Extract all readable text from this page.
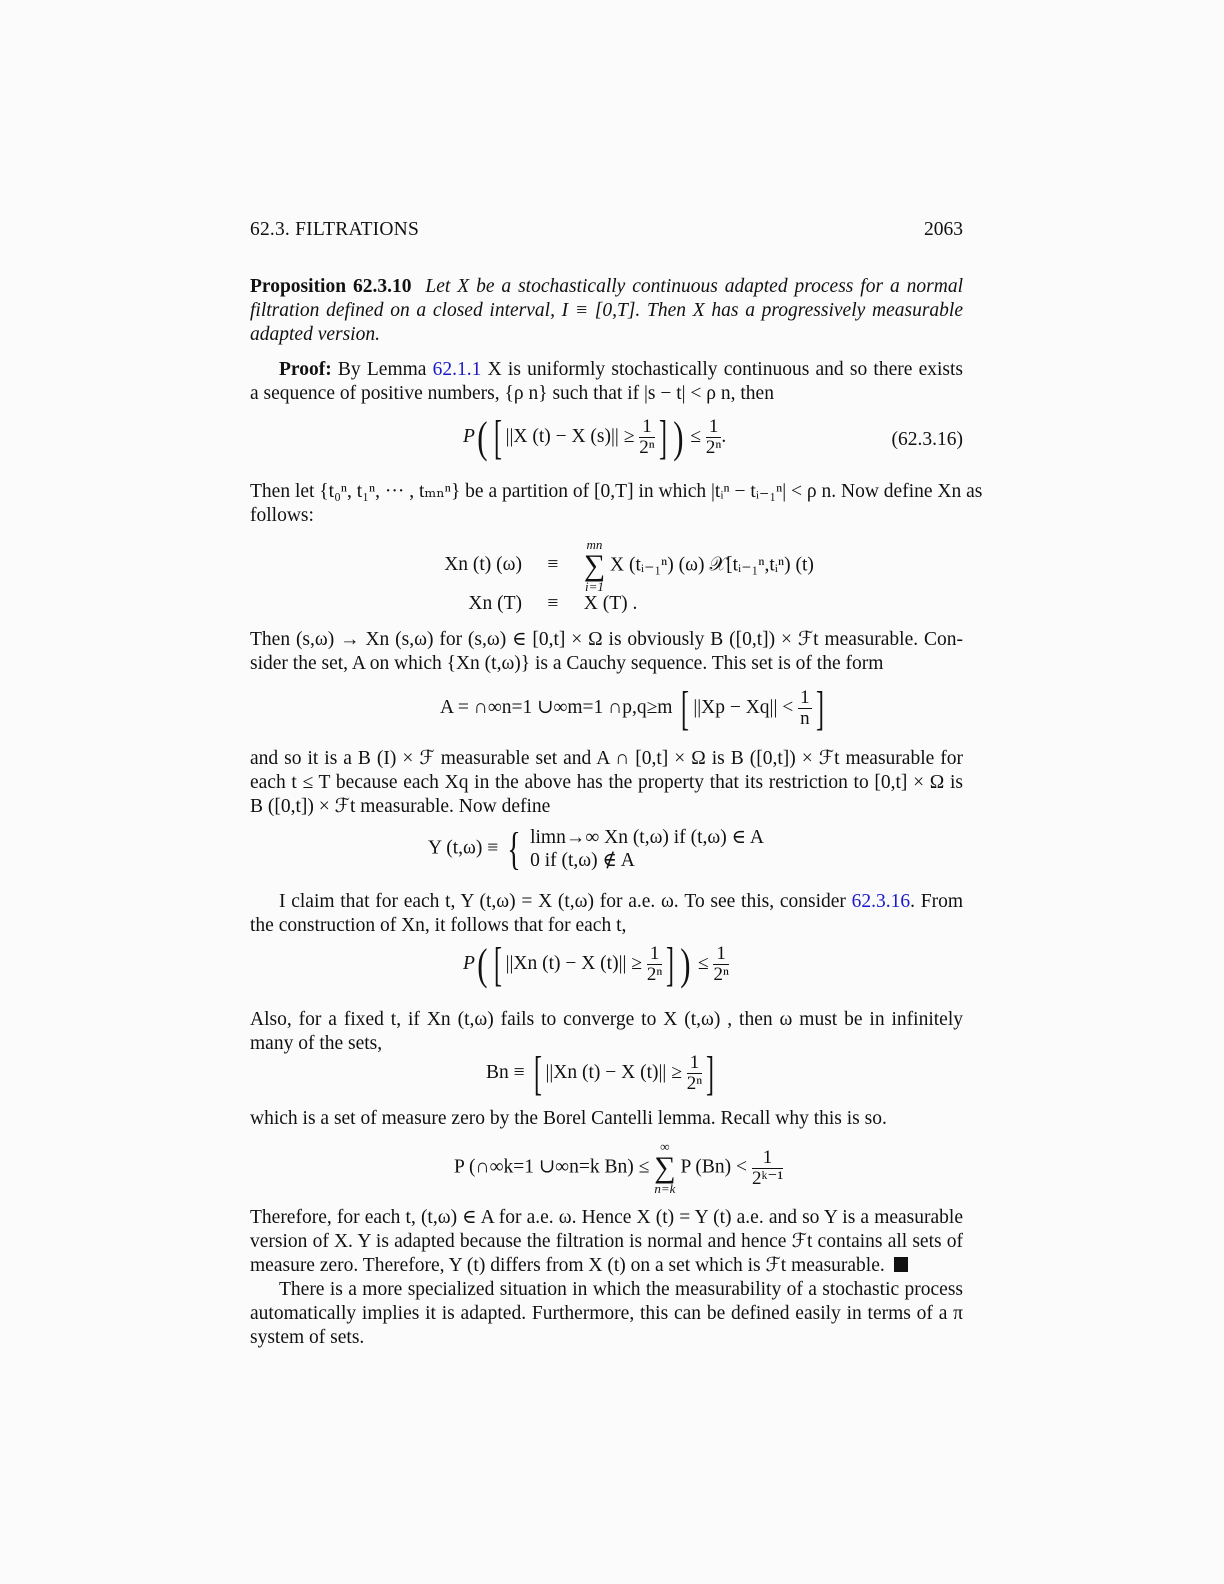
62.3. FILTRATIONS	2063
Proposition 62.3.10 Let X be a stochastically continuous adapted process for a normal
filtration defined on a closed interval, I ≡ [0,T]. Then X has a progressively measurable
adapted version.
Proof: By Lemma 62.1.1 X is uniformly stochastically continuous and so there exists
a sequence of positive numbers, {ρ n} such that if |s − t| < ρ n, then
P( [ ||X (t) − X $(s)|| \ge \frac{1}{\text{2ⁿ}}$ ] ) ≤ $\frac{1}{\text{2ⁿ}}$ .	(62.3.16)
Then let {t₀ⁿ, t₁ⁿ, ··· , tₘₙⁿ} be a partition of [0,T] in which |tᵢⁿ − tᵢ₋₁ⁿ| < ρ n. Now define Xn as
follows:
Xn (t) (ω) ≡
mn
∑
i=1
X (tᵢ₋₁ⁿ) (ω) 𝒳[tᵢ₋₁ⁿ,tᵢⁿ) (t)
Xn (T) ≡ X (T) .
Then (s,ω) → Xn (s,ω) for (s,ω) ∈ [0,t] × Ω is obviously B ([0,t]) × ℱt measurable. Con-
sider the set, A on which {Xn (t,ω)} is a Cauchy sequence. This set is of the form
A = ∩∞n=1 ∪∞m=1 ∩p,q≥m [ $||Xp - Xq|| < \frac{1}{n}$ ]
and so it is a B (I) × ℱ measurable set and A ∩ [0,t] × Ω is B ([0,t]) × ℱt measurable for
each t ≤ T because each Xq in the above has the property that its restriction to [0,t] × Ω is
B ([0,t]) × ℱt measurable. Now define
Y (t,ω) ≡ { limn→∞ Xn (t,ω) if (t,ω) ∈ A
0 if (t,ω) ∉ A
I claim that for each t, Y (t,ω) = X (t,ω) for a.e. ω. To see this, consider 62.3.16. From
the construction of Xn, it follows that for each t,
P( [ ||Xn (t) − X $(t)|| \ge \frac{1}{\text{2ⁿ}}$ ] ) ≤ $\frac{1}{\text{2ⁿ}}$
Also, for a fixed t, if Xn (t,ω) fails to converge to X (t,ω) , then ω must be in infinitely
many of the sets,
Bn ≡ [ ||Xn (t) − X $(t)|| \ge \frac{1}{\text{2ⁿ}}$ ]
which is a set of measure zero by the Borel Cantelli lemma. Recall why this is so.
P (∩∞k=1 ∪∞n=k Bn) ≤
∞
∑
n=k
P $(Bn) < \frac{1}{\text{2ᵏ⁻¹}}$
Therefore, for each t, (t,ω) ∈ A for a.e. ω. Hence X (t) = Y (t) a.e. and so Y is a measurable
version of X. Y is adapted because the filtration is normal and hence ℱt contains all sets of
measure zero. Therefore, Y (t) differs from X (t) on a set which is ℱt measurable.
There is a more specialized situation in which the measurability of a stochastic process
automatically implies it is adapted. Furthermore, this can be defined easily in terms of a π
system of sets.
